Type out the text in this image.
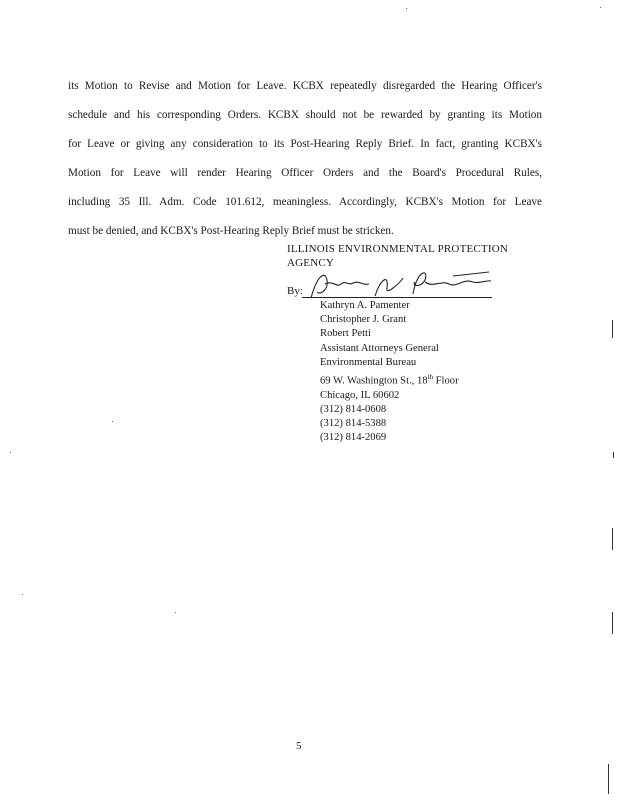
its Motion to Revise and Motion for Leave. KCBX repeatedly disregarded the Hearing Officer's
schedule and his corresponding Orders. KCBX should not be rewarded by granting its Motion
for Leave or giving any consideration to its Post-Hearing Reply Brief. In fact, granting KCBX's
Motion for Leave will render Hearing Officer Orders and the Board's Procedural Rules,
including 35 Ill. Adm. Code 101.612, meaningless. Accordingly, KCBX's Motion for Leave
must be denied, and KCBX's Post-Hearing Reply Brief must be stricken.
ILLINOIS ENVIRONMENTAL PROTECTION
AGENCY
By:
Kathryn A. Pamenter
Christopher J. Grant
Robert Petti
Assistant Attorneys General
Environmental Bureau
69 W. Washington St., 18th Floor
Chicago, IL 60602
(312) 814-0608
(312) 814-5388
(312) 814-2069
5
